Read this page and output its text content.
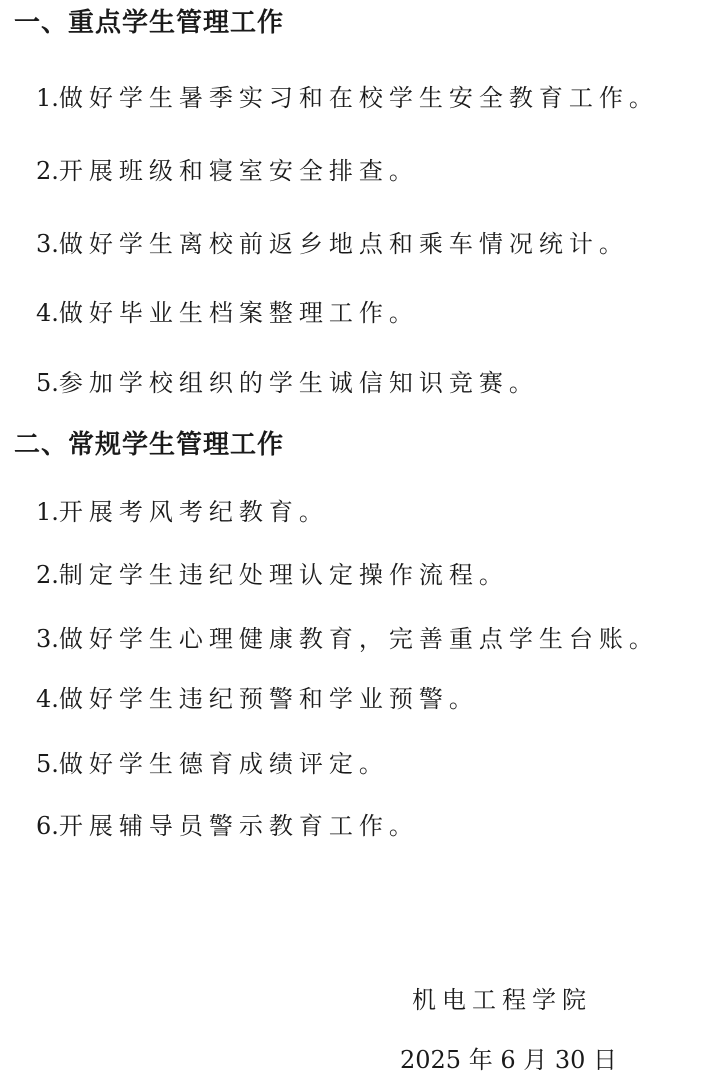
一、重点学生管理工作
1.做好学生暑季实习和在校学生安全教育工作。
2.开展班级和寝室安全排查。
3.做好学生离校前返乡地点和乘车情况统计。
4.做好毕业生档案整理工作。
5.参加学校组织的学生诚信知识竞赛。
二、常规学生管理工作
1.开展考风考纪教育。
2.制定学生违纪处理认定操作流程。
3.做好学生心理健康教育，完善重点学生台账。
4.做好学生违纪预警和学业预警。
5.做好学生德育成绩评定。
6.开展辅导员警示教育工作。
机电工程学院
2025 年 6 月 30 日
